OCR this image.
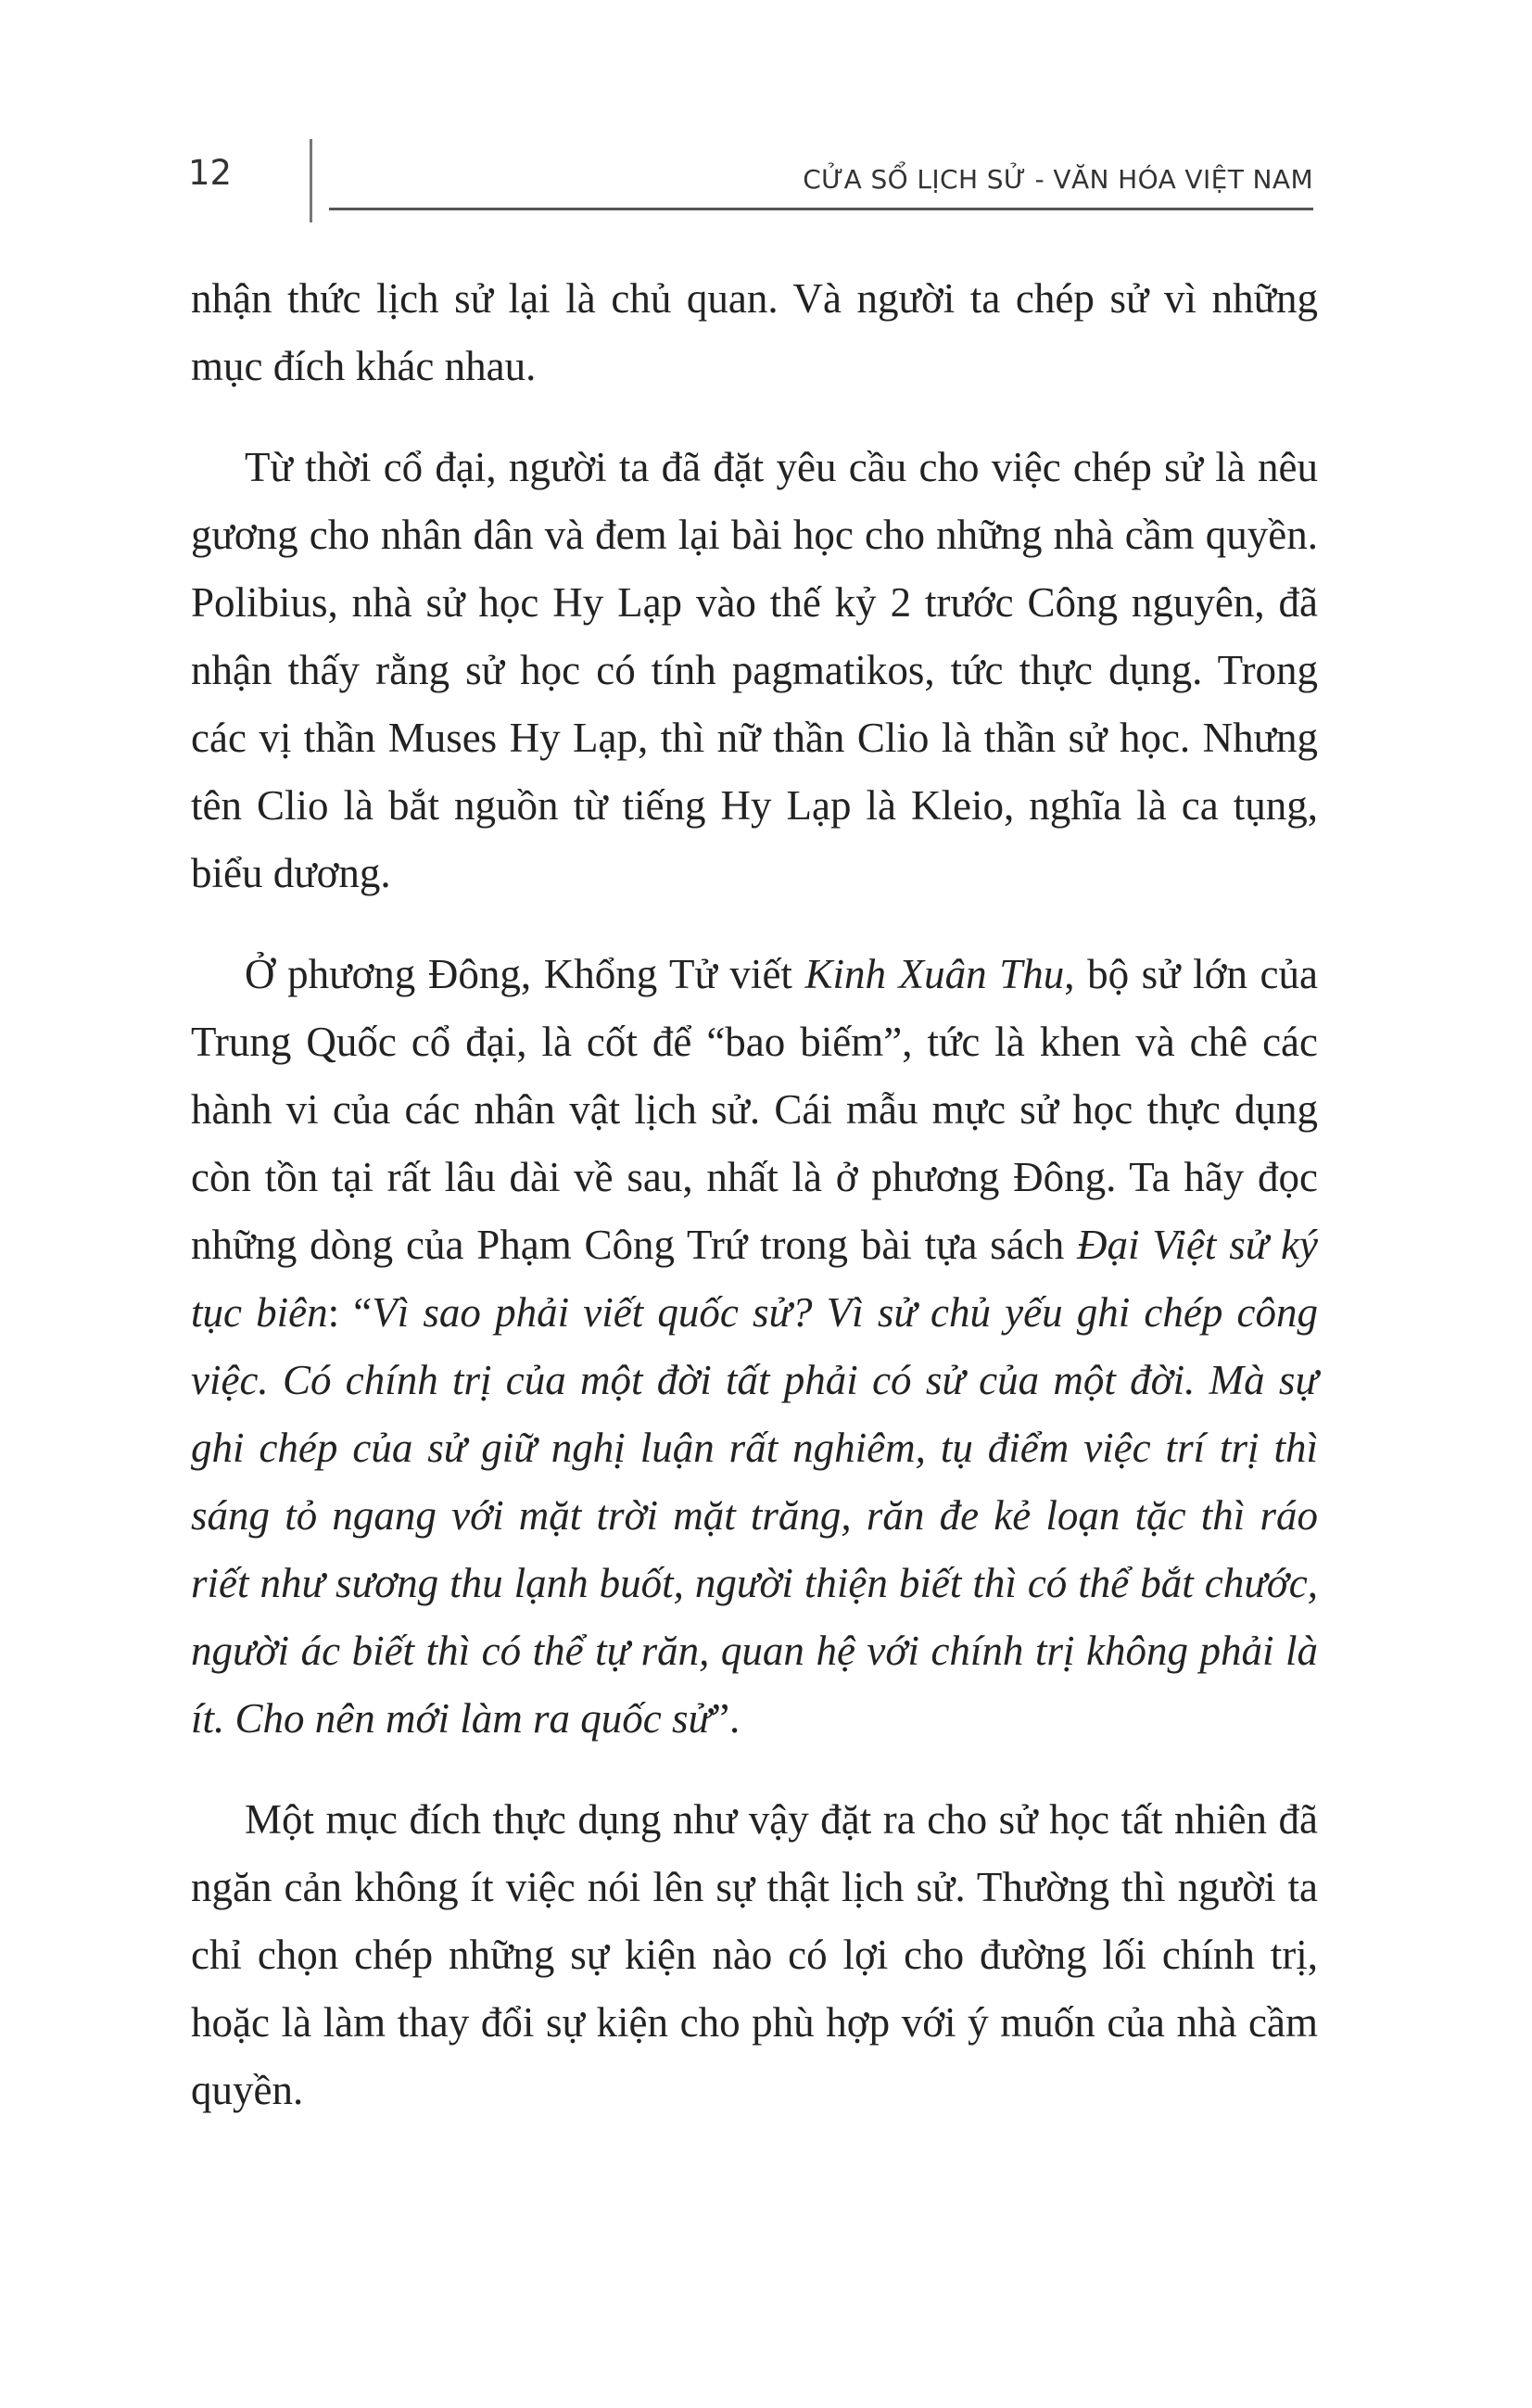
12	CỬA SỔ LỊCH SỬ - VĂN HÓA VIỆT NAM

nhận thức lịch sử lại là chủ quan. Và người ta chép sử vì những mục đích khác nhau.

Từ thời cổ đại, người ta đã đặt yêu cầu cho việc chép sử là nêu gương cho nhân dân và đem lại bài học cho những nhà cầm quyền. Polibius, nhà sử học Hy Lạp vào thế kỷ 2 trước Công nguyên, đã nhận thấy rằng sử học có tính pagmatikos, tức thực dụng. Trong các vị thần Muses Hy Lạp, thì nữ thần Clio là thần sử học. Nhưng tên Clio là bắt nguồn từ tiếng Hy Lạp là Kleio, nghĩa là ca tụng, biểu dương.

Ở phương Đông, Khổng Tử viết Kinh Xuân Thu, bộ sử lớn của Trung Quốc cổ đại, là cốt để “bao biếm”, tức là khen và chê các hành vi của các nhân vật lịch sử. Cái mẫu mực sử học thực dụng còn tồn tại rất lâu dài về sau, nhất là ở phương Đông. Ta hãy đọc những dòng của Phạm Công Trứ trong bài tựa sách Đại Việt sử ký tục biên: “Vì sao phải viết quốc sử? Vì sử chủ yếu ghi chép công việc. Có chính trị của một đời tất phải có sử của một đời. Mà sự ghi chép của sử giữ nghị luận rất nghiêm, tụ điểm việc trí trị thì sáng tỏ ngang với mặt trời mặt trăng, răn đe kẻ loạn tặc thì ráo riết như sương thu lạnh buốt, người thiện biết thì có thể bắt chước, người ác biết thì có thể tự răn, quan hệ với chính trị không phải là ít. Cho nên mới làm ra quốc sử”.

Một mục đích thực dụng như vậy đặt ra cho sử học tất nhiên đã ngăn cản không ít việc nói lên sự thật lịch sử. Thường thì người ta chỉ chọn chép những sự kiện nào có lợi cho đường lối chính trị, hoặc là làm thay đổi sự kiện cho phù hợp với ý muốn của nhà cầm quyền.
